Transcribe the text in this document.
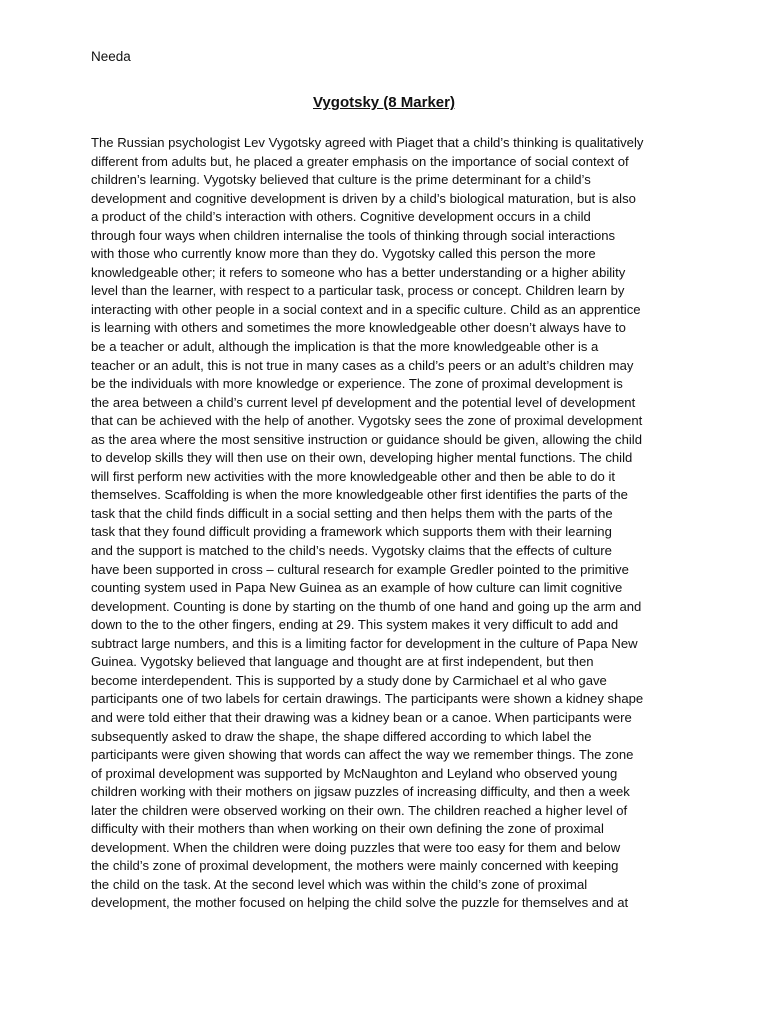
Needa
Vygotsky (8 Marker)

The Russian psychologist Lev Vygotsky agreed with Piaget that a child’s thinking is qualitatively
different from adults but, he placed a greater emphasis on the importance of social context of
children’s learning. Vygotsky believed that culture is the prime determinant for a child’s
development and cognitive development is driven by a child’s biological maturation, but is also
a product of the child’s interaction with others. Cognitive development occurs in a child
through four ways when children internalise the tools of thinking through social interactions
with those who currently know more than they do. Vygotsky called this person the more
knowledgeable other; it refers to someone who has a better understanding or a higher ability
level than the learner, with respect to a particular task, process or concept. Children learn by
interacting with other people in a social context and in a specific culture. Child as an apprentice
is learning with others and sometimes the more knowledgeable other doesn’t always have to
be a teacher or adult, although the implication is that the more knowledgeable other is a
teacher or an adult, this is not true in many cases as a child’s peers or an adult’s children may
be the individuals with more knowledge or experience. The zone of proximal development is
the area between a child’s current level pf development and the potential level of development
that can be achieved with the help of another. Vygotsky sees the zone of proximal development
as the area where the most sensitive instruction or guidance should be given, allowing the child
to develop skills they will then use on their own, developing higher mental functions. The child
will first perform new activities with the more knowledgeable other and then be able to do it
themselves. Scaffolding is when the more knowledgeable other first identifies the parts of the
task that the child finds difficult in a social setting and then helps them with the parts of the
task that they found difficult providing a framework which supports them with their learning
and the support is matched to the child’s needs. Vygotsky claims that the effects of culture
have been supported in cross – cultural research for example Gredler pointed to the primitive
counting system used in Papa New Guinea as an example of how culture can limit cognitive
development. Counting is done by starting on the thumb of one hand and going up the arm and
down to the to the other fingers, ending at 29. This system makes it very difficult to add and
subtract large numbers, and this is a limiting factor for development in the culture of Papa New
Guinea. Vygotsky believed that language and thought are at first independent, but then
become interdependent. This is supported by a study done by Carmichael et al who gave
participants one of two labels for certain drawings. The participants were shown a kidney shape
and were told either that their drawing was a kidney bean or a canoe. When participants were
subsequently asked to draw the shape, the shape differed according to which label the
participants were given showing that words can affect the way we remember things. The zone
of proximal development was supported by McNaughton and Leyland who observed young
children working with their mothers on jigsaw puzzles of increasing difficulty, and then a week
later the children were observed working on their own. The children reached a higher level of
difficulty with their mothers than when working on their own defining the zone of proximal
development. When the children were doing puzzles that were too easy for them and below
the child’s zone of proximal development, the mothers were mainly concerned with keeping
the child on the task. At the second level which was within the child’s zone of proximal
development, the mother focused on helping the child solve the puzzle for themselves and at
